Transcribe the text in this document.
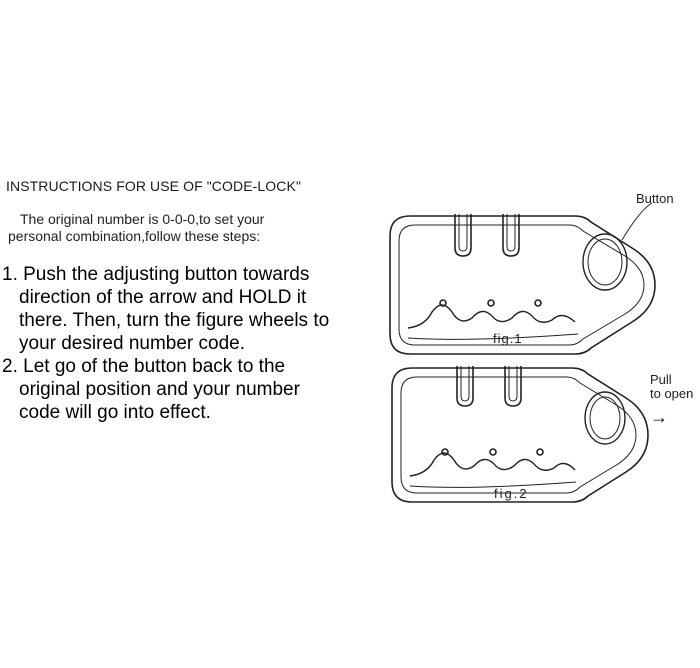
INSTRUCTIONS FOR USE OF "CODE-LOCK"
The original number is 0-0-0,to set your
personal combination,follow these steps:
1. Push the adjusting button towards
direction of the arrow and HOLD it
there. Then, turn the figure wheels to
your desired number code.
2. Let go of the button back to the
original position and your number
code will go into effect.
Button
fig.1
fig.2
Pull
to open
→
